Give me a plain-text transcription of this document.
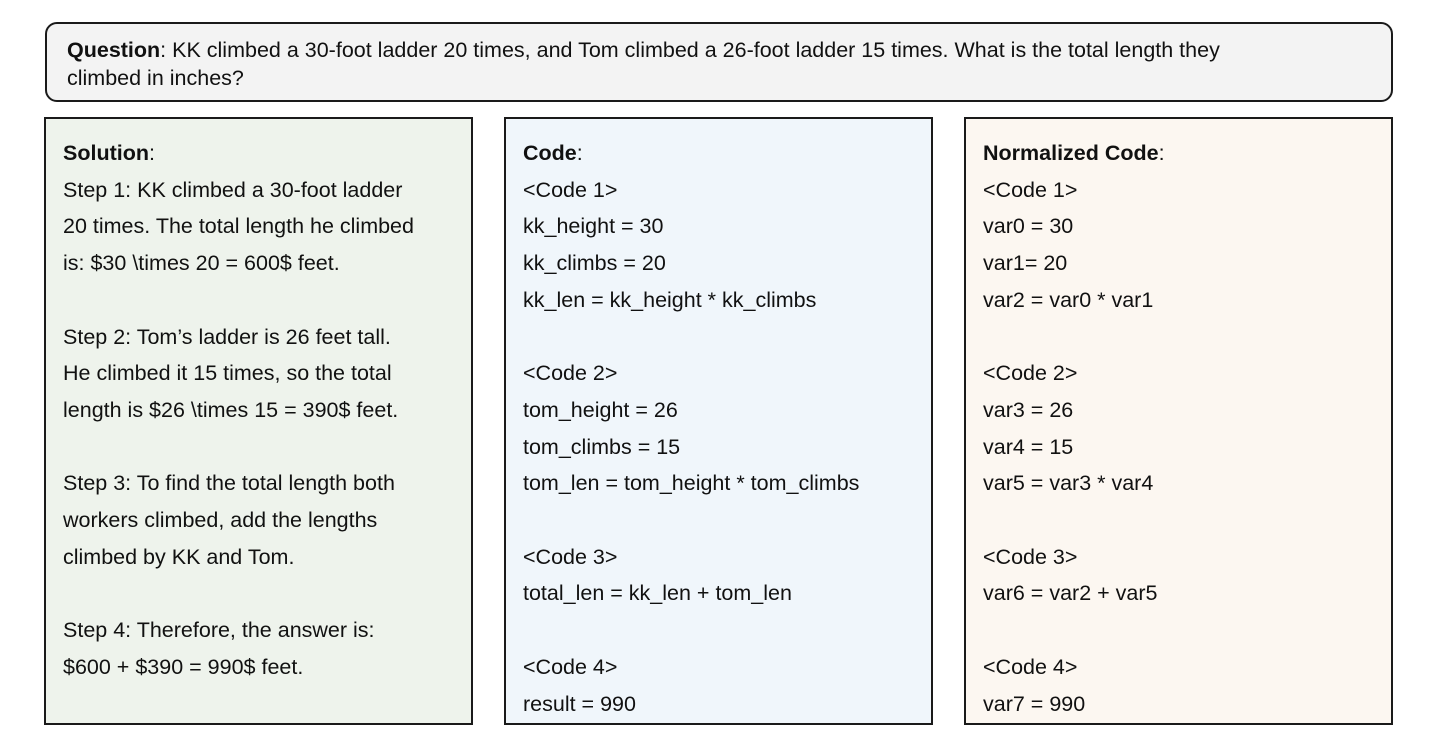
Question: KK climbed a 30-foot ladder 20 times, and Tom climbed a 26-foot ladder 15 times. What is the total length they
climbed in inches?
Solution:
Step 1: KK climbed a 30-foot ladder
20 times. The total length he climbed
is: $30 \times 20 = 600$ feet.
Step 2: Tom’s ladder is 26 feet tall.
He climbed it 15 times, so the total
length is $26 \times 15 = 390$ feet.
Step 3: To find the total length both
workers climbed, add the lengths
climbed by KK and Tom.
Step 4: Therefore, the answer is:
$600 + $390 = 990$ feet.
Code:
<Code 1>
kk_height = 30
kk_climbs = 20
kk_len = kk_height * kk_climbs
<Code 2>
tom_height = 26
tom_climbs = 15
tom_len = tom_height * tom_climbs
<Code 3>
total_len = kk_len + tom_len
<Code 4>
result = 990
Normalized Code:
<Code 1>
var0 = 30
var1= 20
var2 = var0 * var1
<Code 2>
var3 = 26
var4 = 15
var5 = var3 * var4
<Code 3>
var6 = var2 + var5
<Code 4>
var7 = 990
